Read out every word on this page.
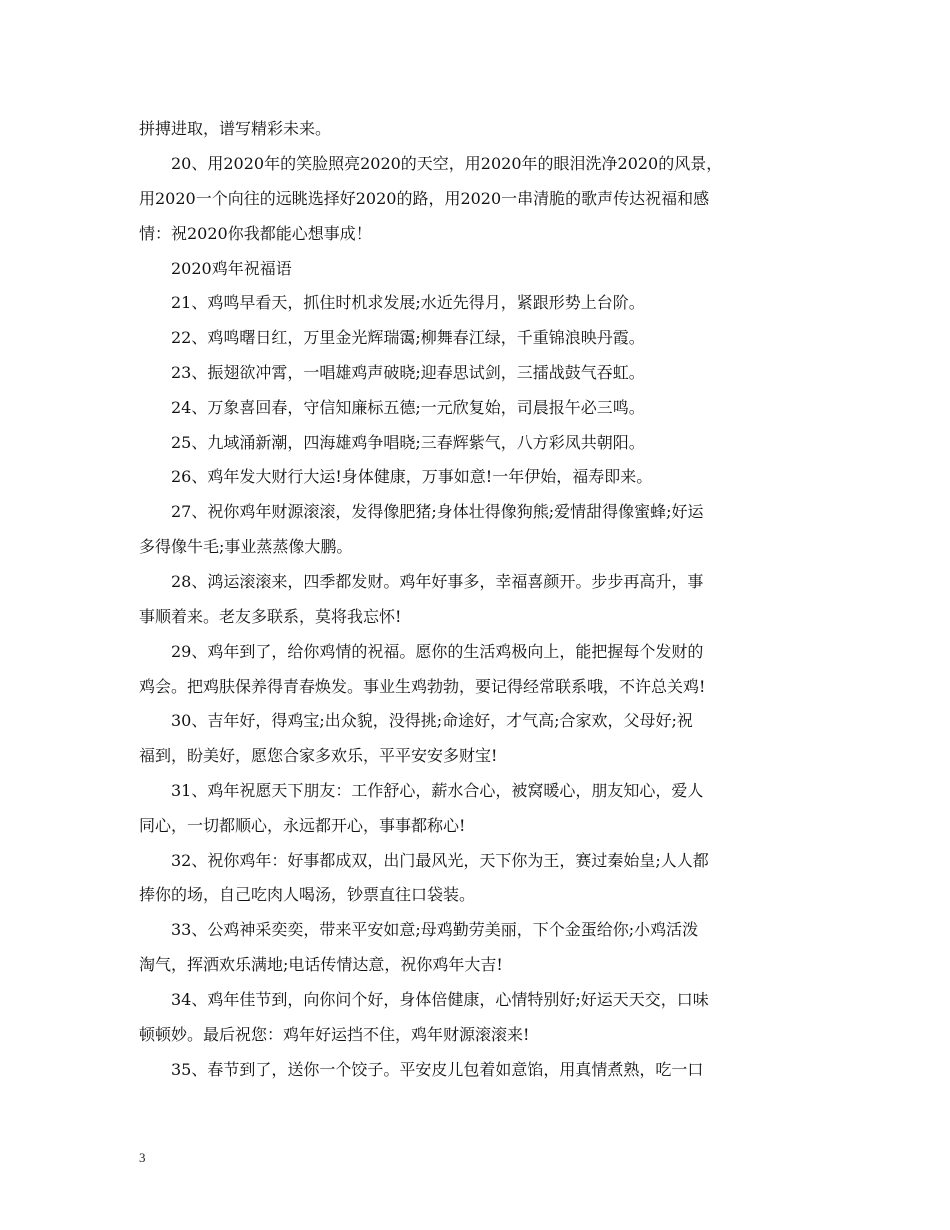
拼搏进取，谱写精彩未来。
20、用2020年的笑脸照亮2020的天空，用2020年的眼泪洗净2020的风景，
用2020一个向往的远眺选择好2020的路，用2020一串清脆的歌声传达祝福和感
情：祝2020你我都能心想事成！
2020鸡年祝福语
21、鸡鸣早看天，抓住时机求发展;水近先得月，紧跟形势上台阶。
22、鸡鸣曙日红，万里金光辉瑞霭;柳舞春江绿，千重锦浪映丹霞。
23、振翅欲冲霄，一唱雄鸡声破晓;迎春思试剑，三擂战鼓气吞虹。
24、万象喜回春，守信知廉标五德;一元欣复始，司晨报午必三鸣。
25、九域涌新潮，四海雄鸡争唱晓;三春辉紫气，八方彩凤共朝阳。
26、鸡年发大财行大运!身体健康，万事如意!一年伊始，福寿即来。
27、祝你鸡年财源滚滚，发得像肥猪;身体壮得像狗熊;爱情甜得像蜜蜂;好运
多得像牛毛;事业蒸蒸像大鹏。
28、鸿运滚滚来，四季都发财。鸡年好事多，幸福喜颜开。步步再高升，事
事顺着来。老友多联系，莫将我忘怀!
29、鸡年到了，给你鸡情的祝福。愿你的生活鸡极向上，能把握每个发财的
鸡会。把鸡肤保养得青春焕发。事业生鸡勃勃，要记得经常联系哦，不许总关鸡!
30、吉年好，得鸡宝;出众貌，没得挑;命途好，才气高;合家欢，父母好;祝
福到，盼美好，愿您合家多欢乐，平平安安多财宝!
31、鸡年祝愿天下朋友：工作舒心，薪水合心，被窝暖心，朋友知心，爱人
同心，一切都顺心，永远都开心，事事都称心!
32、祝你鸡年：好事都成双，出门最风光，天下你为王，赛过秦始皇;人人都
捧你的场，自己吃肉人喝汤，钞票直往口袋装。
33、公鸡神采奕奕，带来平安如意;母鸡勤劳美丽，下个金蛋给你;小鸡活泼
淘气，挥洒欢乐满地;电话传情达意，祝你鸡年大吉!
34、鸡年佳节到，向你问个好，身体倍健康，心情特别好;好运天天交，口味
顿顿妙。最后祝您：鸡年好运挡不住，鸡年财源滚滚来!
35、春节到了，送你一个饺子。平安皮儿包着如意馅，用真情煮熟，吃一口
3
